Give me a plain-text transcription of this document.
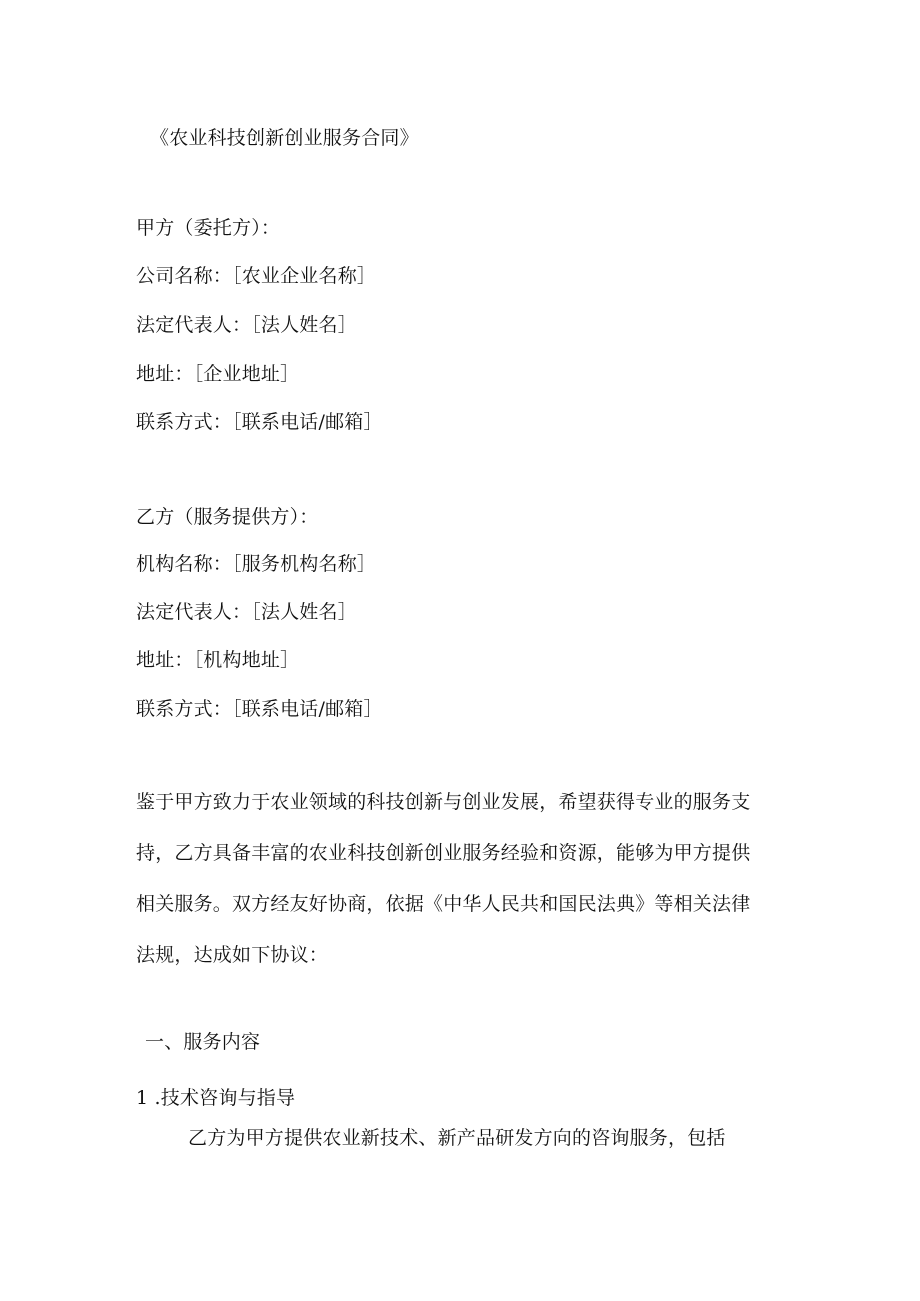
《农业科技创新创业服务合同》
甲方（委托方）：
公司名称：［农业企业名称］
法定代表人：［法人姓名］
地址：［企业地址］
联系方式：［联系电话/邮箱］
乙方（服务提供方）：
机构名称：［服务机构名称］
法定代表人：［法人姓名］
地址：［机构地址］
联系方式：［联系电话/邮箱］
鉴于甲方致力于农业领域的科技创新与创业发展，希望获得专业的服务支
持，乙方具备丰富的农业科技创新创业服务经验和资源，能够为甲方提供
相关服务。双方经友好协商，依据《中华人民共和国民法典》等相关法律
法规，达成如下协议：
一、服务内容
1 .技术咨询与指导
乙方为甲方提供农业新技术、新产品研发方向的咨询服务，包括
